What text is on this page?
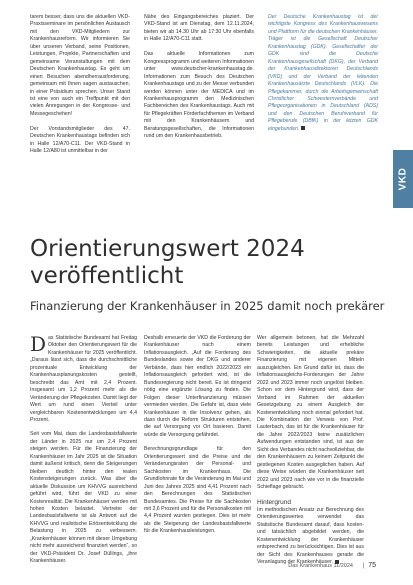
tarem besser, dass uns die aktuellen VKD-Praxisseminare im persönlichen Austausch mit den VKD-Mitgliedern zur Krankenhausreform. Wir informieren Sie über unseren Verband, seine Positionen, Leistungen, Projekte, Partnerschaften und gemeinsame Veranstaltungen mit dem Deutschen Krankenhaustag. Es geht um einen Besuchen abendherrausforderung, gemeinsam mit Ihnen sagen austauschen, in einer Präsidium sprechen. Unser Stand ist eine von auch ein Treffpunkt mit den vielen Anregungen in der Kongresse- und Messegeschehen!

Der Vorstandsmitglieder des 47. Deutschen Krankenhaustags befinden sich in Halle 12/A70-C11. Der VKD-Stand in Halle 12/A80 ist unmittelbar in der

Nähe des Eingangsbereiches plaziert. Der VKD-Stand ist am Dienstag, dem 12.11.2024, bieten wir ab 14.30 Uhr ab 17:30 Uhr ebenfalls in Halle 12/A70-C11 statt.

Das aktuelle Informationen zum Kongressprogramm und weiteren Informationen unter www.deutscher-krankenhaustag.de. Informationen zum Besuch des Deutschen Krankenhaustags und zu der Messe verbunden werden können unter der MEDICA und im Krankenhausprogramm den Medizinischen Fachbereichen des Krankenhaustags. Auch mit für Pflegekräften Förderfachthemen im Verband mit den Krankenhäusern und Beratungsgesellschaften, die Informationen rund um den Krankenhausbetrieb.

Der Deutsche Krankenhaustag ist der wichtigste Kongress des Krankenhauswesens und Plattform für die deutschen Krankenhäuser. Träger ist die Gesellschaft Deutscher Krankenhaustag (GDK). Gesellschafter der GDK sind die Deutsche Krankenhausgesellschaft (DKG), der Verband der Krankenhausdirektoren Deutschlands (VKD) und der Verband der leitenden Krankenhausärzte Deutschlands (VLK). Die Pflegekammer, durch die Arbeitsgemeinschaft Christlicher Schwesternverbände und Pflegeorganisationen in Deutschland (ADS) und den Deutschen Berufsverband für Pflegeberufe (DBfK) in der letzten GDK eingebunden.

VKD
Orientierungswert 2024 veröffentlicht
Finanzierung der Krankenhäuser in 2025 damit noch prekärer

Das Statistische Bundesamt hat Freitag Oktober den Orientierungswert für die Krankenhäuser für 2025 veröffentlicht. „Daraus lässt sich, dass die durchschnittliche prozentuale Entwicklung der Krankenhausplanungskosten gestellt, beschreibt das Amt mit 2,4 Prozent. Insgesamt um 1,2 Prozent mehr als die Veränderung der Pflegekosten. Damit liegt der Wert um rund einen Vierteil unter vergleichbaren Kostenentwicklungen um 4,4 Prozent.

Seit vom Mai, dass die Landesbasisfallwerte der Länder in 2025 nur um 2,4 Prozent steigen werden. Für die Finanzierung der Krankenhäuser im Jahr 2025 ist die Situation damit äußerst kritisch, denn die Steigerungen bleiben deutlich hinter den realen Kostensteigerungen zurück. Was über die aktuelle Diskussion um KHVVG ausreichend geführt wird, führt der VKD zu einer Kostenrealität. Die Krankenhäuser werden mit hohen Kosten belastet. Vertreter der Landesbasisfallwerte ist als Antwort auf die KHVVG und realistische Erlösentwicklung die Belastung in 2025 zu verbessern. „Krankenhäuser können mit dieser Umgebung nicht mehr ausreichend finanziert werden“, so der VKD-Präsident Dr. Josef Düllings, „ihre Krankenhäuser.

Deshalb erneuerte der VKD die Forderung der Krankenhäuser nach einem Inflationsausgleich. „Auf die Forderung des Bundeslandes sowie der DKG und anderer Verbände, dass hier endlich 2022/2023 ein Inflationsausgleich gefordert wird, ist die Bundesregierung nicht bereit. Es ist dringend nötig eine ergänzte Lösung zu finden. Die Folgen dieser Unterfinanzierung müssen vermieden werden. Die Gefahr ist, dass viele Krankenhäuser in die Insolvenz gehen, als dass durch die Reform Strukturen entstehen, die auf Versorgung vor Ort basieren. Damit würde die Versorgung gefährdet.

Berechnungsgrundlage für den Orientierungswert sind die Preise und die Veränderungsraten der Personal- und Sachkosten im Krankenhaus. Die Grundlohnrate für die Veränderung im Mai und Juni des Jahres 2025 sind 4,41 Prozent nach den Berechnungen des Statistischen Bundesamtes. Die Preise für die Sachkosten mit 2,6 Prozent und für die Personalkosten mit 4,4 Prozent wurden gestiegen. Dies ist mehr als die Steigerung der Landesbasisfallwerte für die Krankenhausleistungen.

Wer allgemein betonen, hat die Mehrzahl bereits Leistungen und erhebliche Schwierigkeiten, die aktuelle prekäre Finanzierung mit eigenen Mitteln auszugleichen. Ein Grund dafür ist, dass die Inflationsausgleichs-Forderungen der Jahre 2022 und 2023 immer noch ungelöst bleiben. Schon vor dem Hintergrund wird, dass der Verband im Rahmen der aktuellen Gesetzgebung zu einem Ausgleich der Kostenentwicklung noch einmal gefordert hat. Die Kombination der Verweis von Prof. Lauterbach, das ist für die Krankenhäuser für die Jahre 2022/2023 keine zusätzlichen Aufwendungen entstanden sind, ist aus der Sicht des Verbandes nicht nachvollziehbar, die den Krankenhäusern zu keinem Zeitpunkt die gestiegenen Kosten ausgeglichen haben. Auf diese Weise würden die Krankenhäuser seit 2022 und 2023 nach wie vor in die finanzielle Schieflage gebracht.

Hintergrund

Im methodischen Ansatz zur Berechnung des Orientierungswertes verwendet das Statistische Bundesamt darauf, dass kosten- und tatsächlich abgebildet werden, die Kostenentwicklung der Krankenhäuser entsprechend zu berücksichtigen. Dies ist aus der Sicht des Krankenhauses gerade die Veranlagung der Krankenhäuser.

Das Krankenhaus 11/2024 | 75
